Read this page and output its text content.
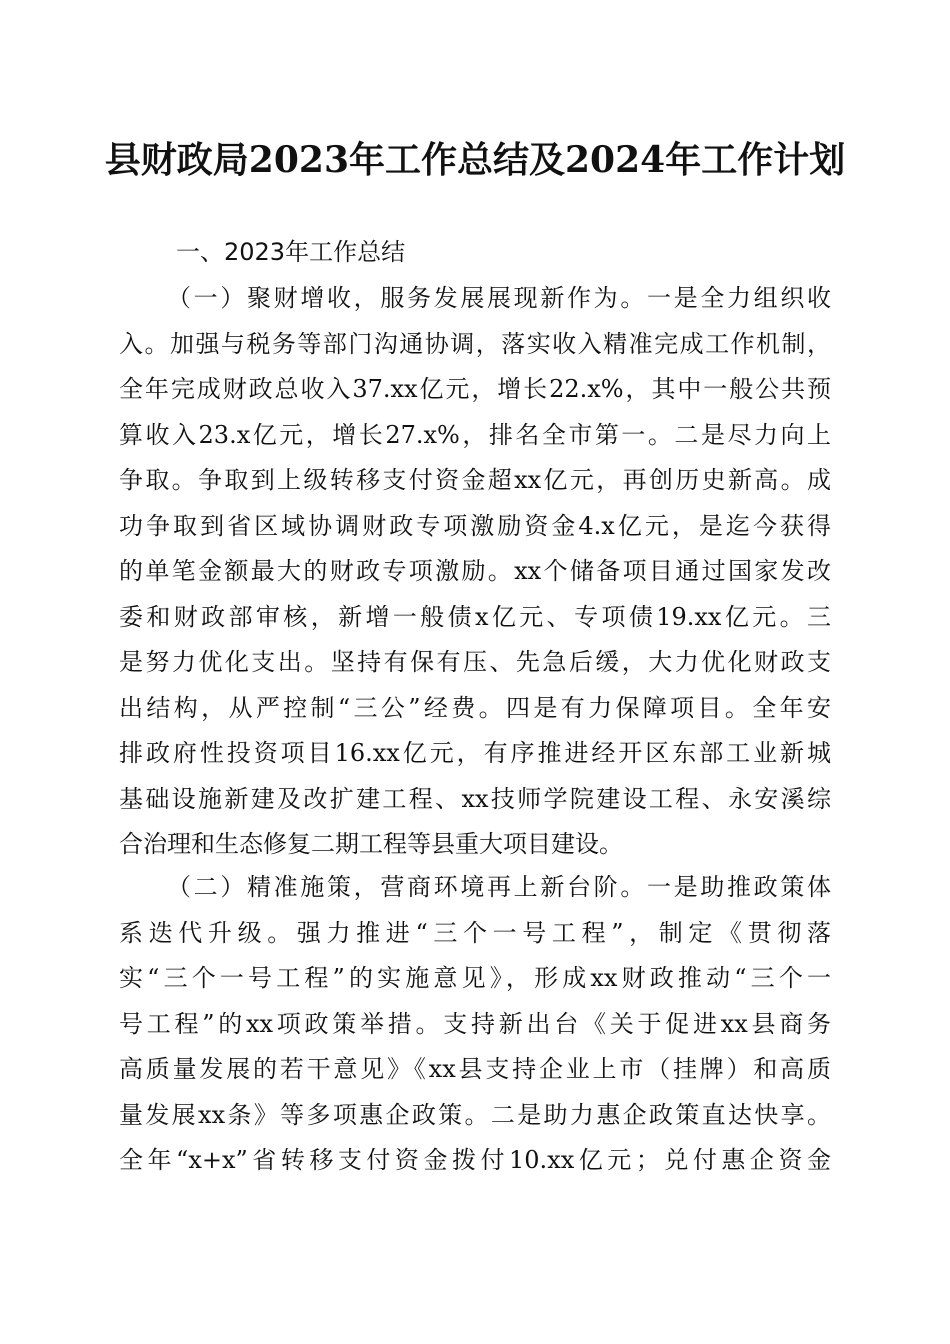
县财政局2023年工作总结及2024年工作计划
一、2023年工作总结

（一）聚财增收，服务发展展现新作为。一是全力组织收
入。加强与税务等部门沟通协调，落实收入精准完成工作机制，
全年完成财政总收入37.xx亿元，增长22.x%，其中一般公共预
算收入23.x亿元，增长27.x%，排名全市第一。二是尽力向上
争取。争取到上级转移支付资金超xx亿元，再创历史新高。成
功争取到省区域协调财政专项激励资金4.x亿元，是迄今获得
的单笔金额最大的财政专项激励。xx个储备项目通过国家发改
委和财政部审核，新增一般债x亿元、专项债19.xx亿元。三
是努力优化支出。坚持有保有压、先急后缓，大力优化财政支
出结构，从严控制“三公”经费。四是有力保障项目。全年安
排政府性投资项目16.xx亿元，有序推进经开区东部工业新城
基础设施新建及改扩建工程、xx技师学院建设工程、永安溪综
合治理和生态修复二期工程等县重大项目建设。

（二）精准施策，营商环境再上新台阶。一是助推政策体
系迭代升级。强力推进“三个一号工程”，制定《贯彻落
实“三个一号工程”的实施意见》，形成xx财政推动“三个一
号工程”的xx项政策举措。支持新出台《关于促进xx县商务
高质量发展的若干意见》《xx县支持企业上市（挂牌）和高质
量发展xx条》等多项惠企政策。二是助力惠企政策直达快享。
全年“x+x”省转移支付资金拨付10.xx亿元；兑付惠企资金
